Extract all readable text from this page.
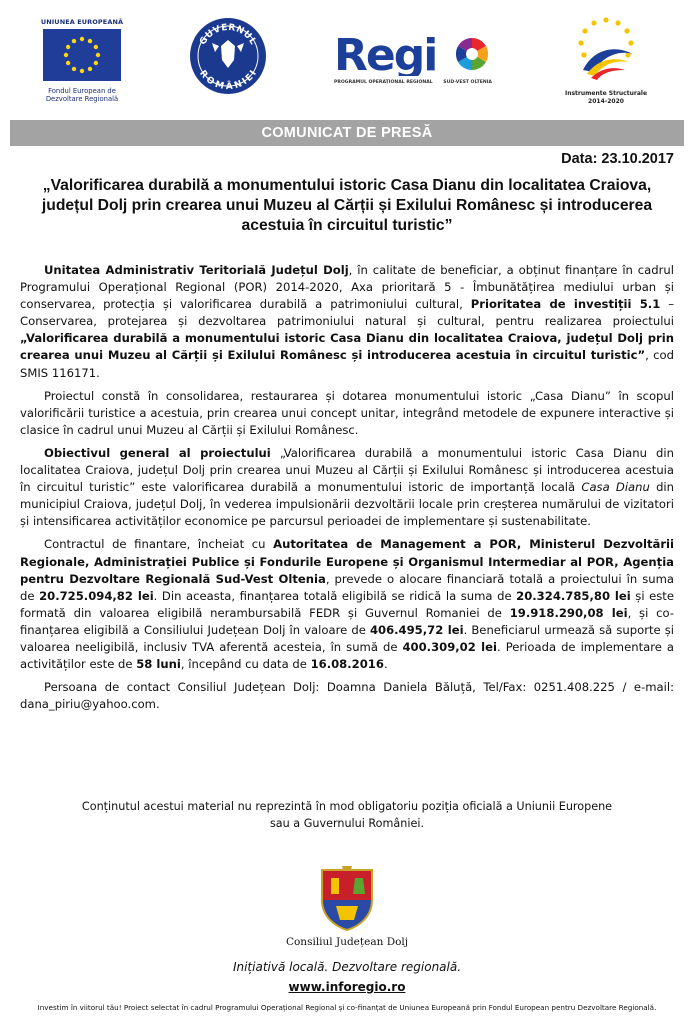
UNIUNEA EUROPEANĂ
Fondul European de
Dezvoltare Regională
GUVERNUL
ROMÂNIEI Regi
PROGRAMUL OPERAȚIONAL REGIONAL SUD-VEST OLTENIA
Instrumente Structurale
2014-2020
COMUNICAT DE PRESĂ
Data: 23.10.2017
„Valorificarea durabilă a monumentului istoric Casa Dianu din localitatea Craiova, județul Dolj prin crearea unui Muzeu al Cărții și Exilului Românesc și introducerea acestuia în circuitul turistic”

Unitatea Administrativ Teritorială Județul Dolj, în calitate de beneficiar, a obținut finanțare în cadrul Programului Operațional Regional (POR) 2014-2020, Axa prioritară 5 - Îmbunătățirea mediului urban și conservarea, protecția și valorificarea durabilă a patrimoniului cultural, Prioritatea de investiții 5.1 – Conservarea, protejarea și dezvoltarea patrimoniului natural și cultural, pentru realizarea proiectului „Valorificarea durabilă a monumentului istoric Casa Dianu din localitatea Craiova, județul Dolj prin crearea unui Muzeu al Cărții și Exilului Românesc și introducerea acestuia în circuitul turistic”, cod SMIS 116171.

Proiectul constă în consolidarea, restaurarea și dotarea monumentului istoric „Casa Dianu” în scopul valorificării turistice a acestuia, prin crearea unui concept unitar, integrând metodele de expunere interactive și clasice în cadrul unui Muzeu al Cărții și Exilului Românesc.

Obiectivul general al proiectului „Valorificarea durabilă a monumentului istoric Casa Dianu din localitatea Craiova, județul Dolj prin crearea unui Muzeu al Cărții și Exilului Românesc și introducerea acestuia în circuitul turistic” este valorificarea durabilă a monumentului istoric de importanță locală Casa Dianu din municipiul Craiova, județul Dolj, în vederea impulsionării dezvoltării locale prin creșterea numărului de vizitatori și intensificarea activităților economice pe parcursul perioadei de implementare și sustenabilitate.

Contractul de finantare, încheiat cu Autoritatea de Management a POR, Ministerul Dezvoltării Regionale, Administrației Publice și Fondurile Europene și Organismul Intermediar al POR, Agenția pentru Dezvoltare Regională Sud-Vest Oltenia, prevede o alocare financiară totală a proiectului în suma de 20.725.094,82 lei. Din aceasta, finanțarea totală eligibilă se ridică la suma de 20.324.785,80 lei și este formată din valoarea eligibilă nerambursabilă FEDR și Guvernul Romaniei de 19.918.290,08 lei, și co-finanțarea eligibilă a Consiliului Județean Dolj în valoare de 406.495,72 lei. Beneficiarul urmează să suporte și valoarea neeligibilă, inclusiv TVA aferentă acesteia, în sumă de 400.309,02 lei. Perioada de implementare a activităților este de 58 luni, începând cu data de 16.08.2016.

Persoana de contact Consiliul Județean Dolj: Doamna Daniela Băluță, Tel/Fax: 0251.408.225 / e-mail: dana_piriu@yahoo.com.

Conținutul acestui material nu reprezintă în mod obligatoriu poziția oficială a Uniunii Europene
sau a Guvernului României.
Consiliul Județean Dolj
Inițiativă locală. Dezvoltare regională.
www.inforegio.ro
Investim în viitorul tău! Proiect selectat în cadrul Programului Operațional Regional și co-finanțat de Uniunea Europeană prin Fondul European pentru Dezvoltare Regională.
